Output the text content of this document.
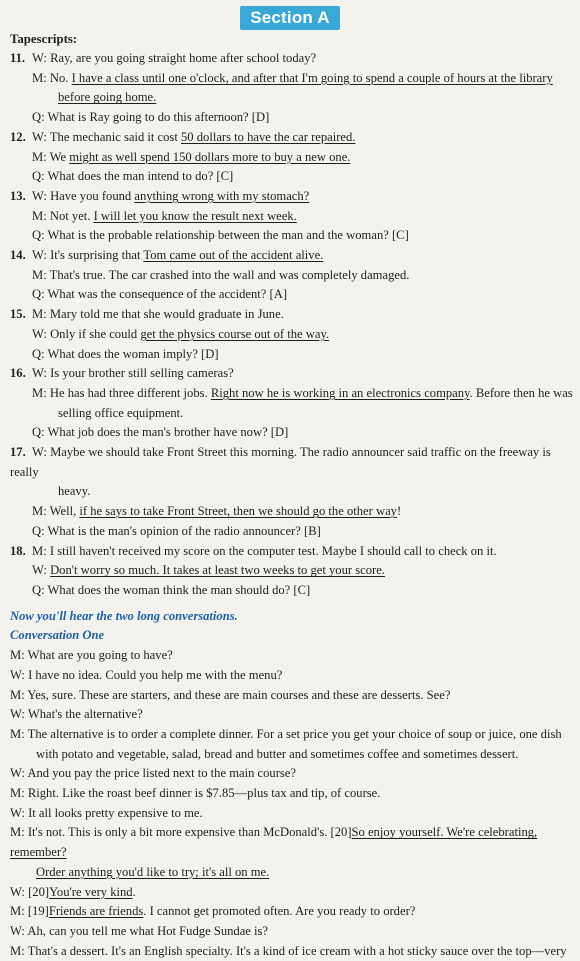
Section A
Tapescripts:
11. W: Ray, are you going straight home after school today?
M: No. I have a class until one o'clock, and after that I'm going to spend a couple of hours at the library
before going home.
Q: What is Ray going to do this afternoon? [D]
12. W: The mechanic said it cost 50 dollars to have the car repaired.
M: We might as well spend 150 dollars more to buy a new one.
Q: What does the man intend to do? [C]
13. W: Have you found anything wrong with my stomach?
M: Not yet. I will let you know the result next week.
Q: What is the probable relationship between the man and the woman? [C]
14. W: It's surprising that Tom came out of the accident alive.
M: That's true. The car crashed into the wall and was completely damaged.
Q: What was the consequence of the accident? [A]
15. M: Mary told me that she would graduate in June.
W: Only if she could get the physics course out of the way.
Q: What does the woman imply? [D]
16. W: Is your brother still selling cameras?
M: He has had three different jobs. Right now he is working in an electronics company. Before then he was
selling office equipment.
Q: What job does the man's brother have now? [D]
17. W: Maybe we should take Front Street this morning. The radio announcer said traffic on the freeway is really
heavy.
M: Well, if he says to take Front Street, then we should go the other way!
Q: What is the man's opinion of the radio announcer? [B]
18. M: I still haven't received my score on the computer test. Maybe I should call to check on it.
W: Don't worry so much. It takes at least two weeks to get your score.
Q: What does the woman think the man should do? [C]
Now you'll hear the two long conversations.
Conversation One
M: What are you going to have?
W: I have no idea. Could you help me with the menu?
M: Yes, sure. These are starters, and these are main courses and these are desserts. See?
W: What's the alternative?
M: The alternative is to order a complete dinner. For a set price you get your choice of soup or juice, one dish
with potato and vegetable, salad, bread and butter and sometimes coffee and sometimes dessert.
W: And you pay the price listed next to the main course?
M: Right. Like the roast beef dinner is $7.85—plus tax and tip, of course.
W: It all looks pretty expensive to me.
M: It's not. This is only a bit more expensive than McDonald's. [20]So enjoy yourself. We're celebrating, remember?
Order anything you'd like to try; it's all on me.
W: [20]You're very kind.
M: [19]Friends are friends. I cannot get promoted often. Are you ready to order?
W: Ah, can you tell me what Hot Fudge Sundae is?
M: That's a dessert. It's an English specialty. It's a kind of ice cream with a hot sticky sauce over the top—very
